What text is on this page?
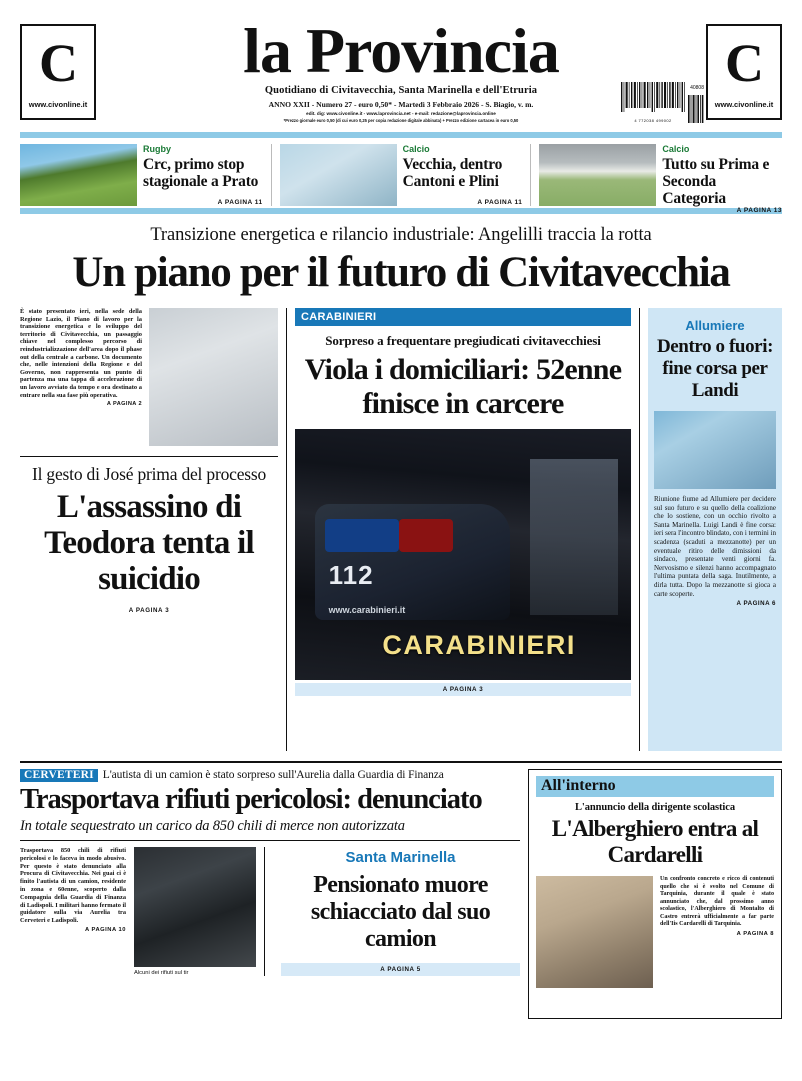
C
www.civonline.it
la Provincia
Quotidiano di Civitavecchia, Santa Marinella e dell'Etruria
ANNO XXII - Numero 27 - euro 0,50* - Martedì 3 Febbraio 2026 - S. Biagio, v. m.
edit. dig: www.civonline.it - www.laprovincia.net - e-mail: redazione@laprovincia.online
*Prezzo giornale euro 0,50 (di cui euro 0,25 per copia redazione digitale abbinata) + Prezzo edizione cartacea in euro 0,50
40808
4 772038 499002
C
www.civonline.it
Rugby
Crc, primo stop stagionale a Prato
A PAGINA 11
Calcio
Vecchia, dentro Cantoni e Plini
A PAGINA 11
Calcio
Tutto su Prima e Seconda Categoria
A PAGINA 13
Transizione energetica e rilancio industriale: Angelilli traccia la rotta
Un piano per il futuro di Civitavecchia
È stato presentato ieri, nella sede della Regione Lazio, il Piano di lavoro per la transizione energetica e lo sviluppo del territorio di Civitavecchia, un passaggio chiave nel complesso percorso di reindustrializzazione dell'area dopo il phase out della centrale a carbone. Un documento che, nelle intenzioni della Regione e del Governo, non rappresenta un punto di partenza ma una tappa di accelerazione di un lavoro avviato da tempo e ora destinato a entrare nella sua fase più operativa.
A PAGINA 2
Il gesto di José prima del processo
L'assassino di Teodora tenta il suicidio
A PAGINA 3
CARABINIERI
Sorpreso a frequentare pregiudicati civitavecchiesi
Viola i domiciliari: 52enne finisce in carcere
112
www.carabinieri.it
CARABINIERI
A PAGINA 3
Allumiere
Dentro o fuori: fine corsa per Landi
Riunione fiume ad Allumiere per decidere sul suo futuro e su quello della coalizione che lo sostiene, con un occhio rivolto a Santa Marinella. Luigi Landi è fine corsa: ieri sera l'incontro blindato, con i termini in scadenza (scaduti a mezzanotte) per un eventuale ritiro delle dimissioni da sindaco, presentate venti giorni fa. Nervosismo e silenzi hanno accompagnato l'ultima puntata della saga. Inutilmente, a dirla tutta. Dopo la mezzanotte si gioca a carte scoperte.
A PAGINA 6
CERVETERI L'autista di un camion è stato sorpreso sull'Aurelia dalla Guardia di Finanza
Trasportava rifiuti pericolosi: denunciato
In totale sequestrato un carico da 850 chili di merce non autorizzata
Trasportava 850 chili di rifiuti pericolosi e lo faceva in modo abusivo. Per questo è stato denunciato alla Procura di Civitavecchia. Nei guai ci è finito l'autista di un camion, residente in zona e 60enne, scoperto dalla Compagnia della Guardia di Finanza di Ladispoli. I militari hanno fermato il guidatore sulla via Aurelia tra Cerveteri e Ladispoli.
A PAGINA 10
Alcuni dei rifiuti sul tir
Santa Marinella
Pensionato muore schiacciato dal suo camion
A PAGINA 5
All'interno
L'annuncio della dirigente scolastica
L'Alberghiero entra al Cardarelli
Un confronto concreto e ricco di contenuti quello che si è svolto nel Comune di Tarquinia, durante il quale è stato annunciato che, dal prossimo anno scolastico, l'Alberghiero di Montalto di Castro entrerà ufficialmente a far parte dell'Iis Cardarelli di Tarquinia.
A PAGINA 8
